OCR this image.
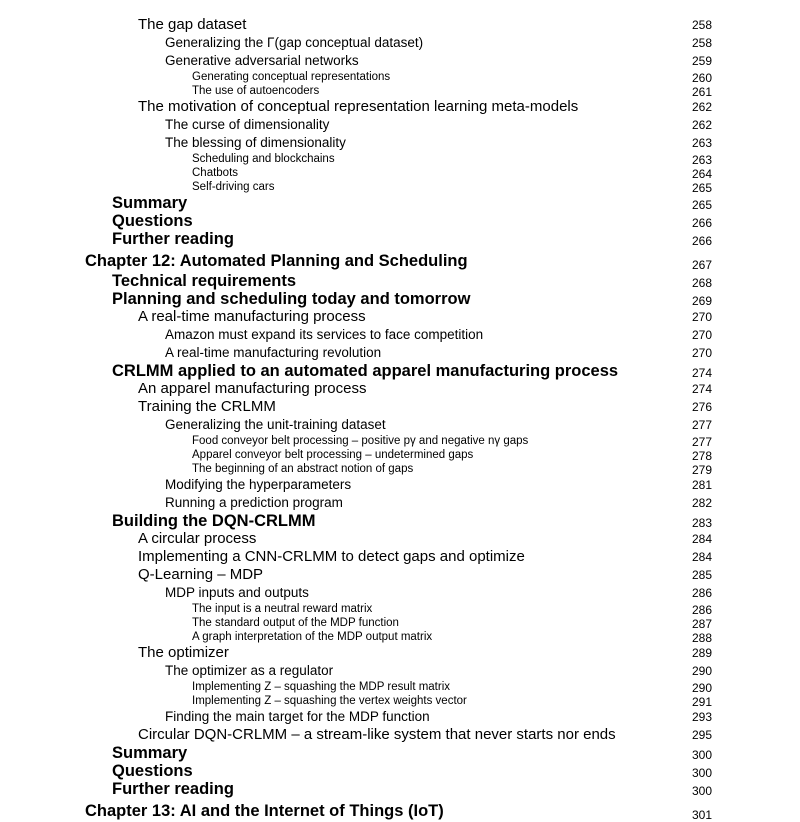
The gap dataset	258
Generalizing the Γ(gap conceptual dataset)	258
Generative adversarial networks	259
Generating conceptual representations	260
The use of autoencoders	261
The motivation of conceptual representation learning meta-models	262
The curse of dimensionality	262
The blessing of dimensionality	263
Scheduling and blockchains	263
Chatbots	264
Self-driving cars	265
Summary	265
Questions	266
Further reading	266
Chapter 12: Automated Planning and Scheduling	267
Technical requirements	268
Planning and scheduling today and tomorrow	269
A real-time manufacturing process	270
Amazon must expand its services to face competition	270
A real-time manufacturing revolution	270
CRLMM applied to an automated apparel manufacturing process	274
An apparel manufacturing process	274
Training the CRLMM	276
Generalizing the unit-training dataset	277
Food conveyor belt processing – positive pγ and negative nγ gaps	277
Apparel conveyor belt processing – undetermined gaps	278
The beginning of an abstract notion of gaps	279
Modifying the hyperparameters	281
Running a prediction program	282
Building the DQN-CRLMM	283
A circular process	284
Implementing a CNN-CRLMM to detect gaps and optimize	284
Q-Learning – MDP	285
MDP inputs and outputs	286
The input is a neutral reward matrix	286
The standard output of the MDP function	287
A graph interpretation of the MDP output matrix	288
The optimizer	289
The optimizer as a regulator	290
Implementing Z – squashing the MDP result matrix	290
Implementing Z – squashing the vertex weights vector	291
Finding the main target for the MDP function	293
Circular DQN-CRLMM – a stream-like system that never starts nor ends	295
Summary	300
Questions	300
Further reading	300
Chapter 13: AI and the Internet of Things (IoT)	301
